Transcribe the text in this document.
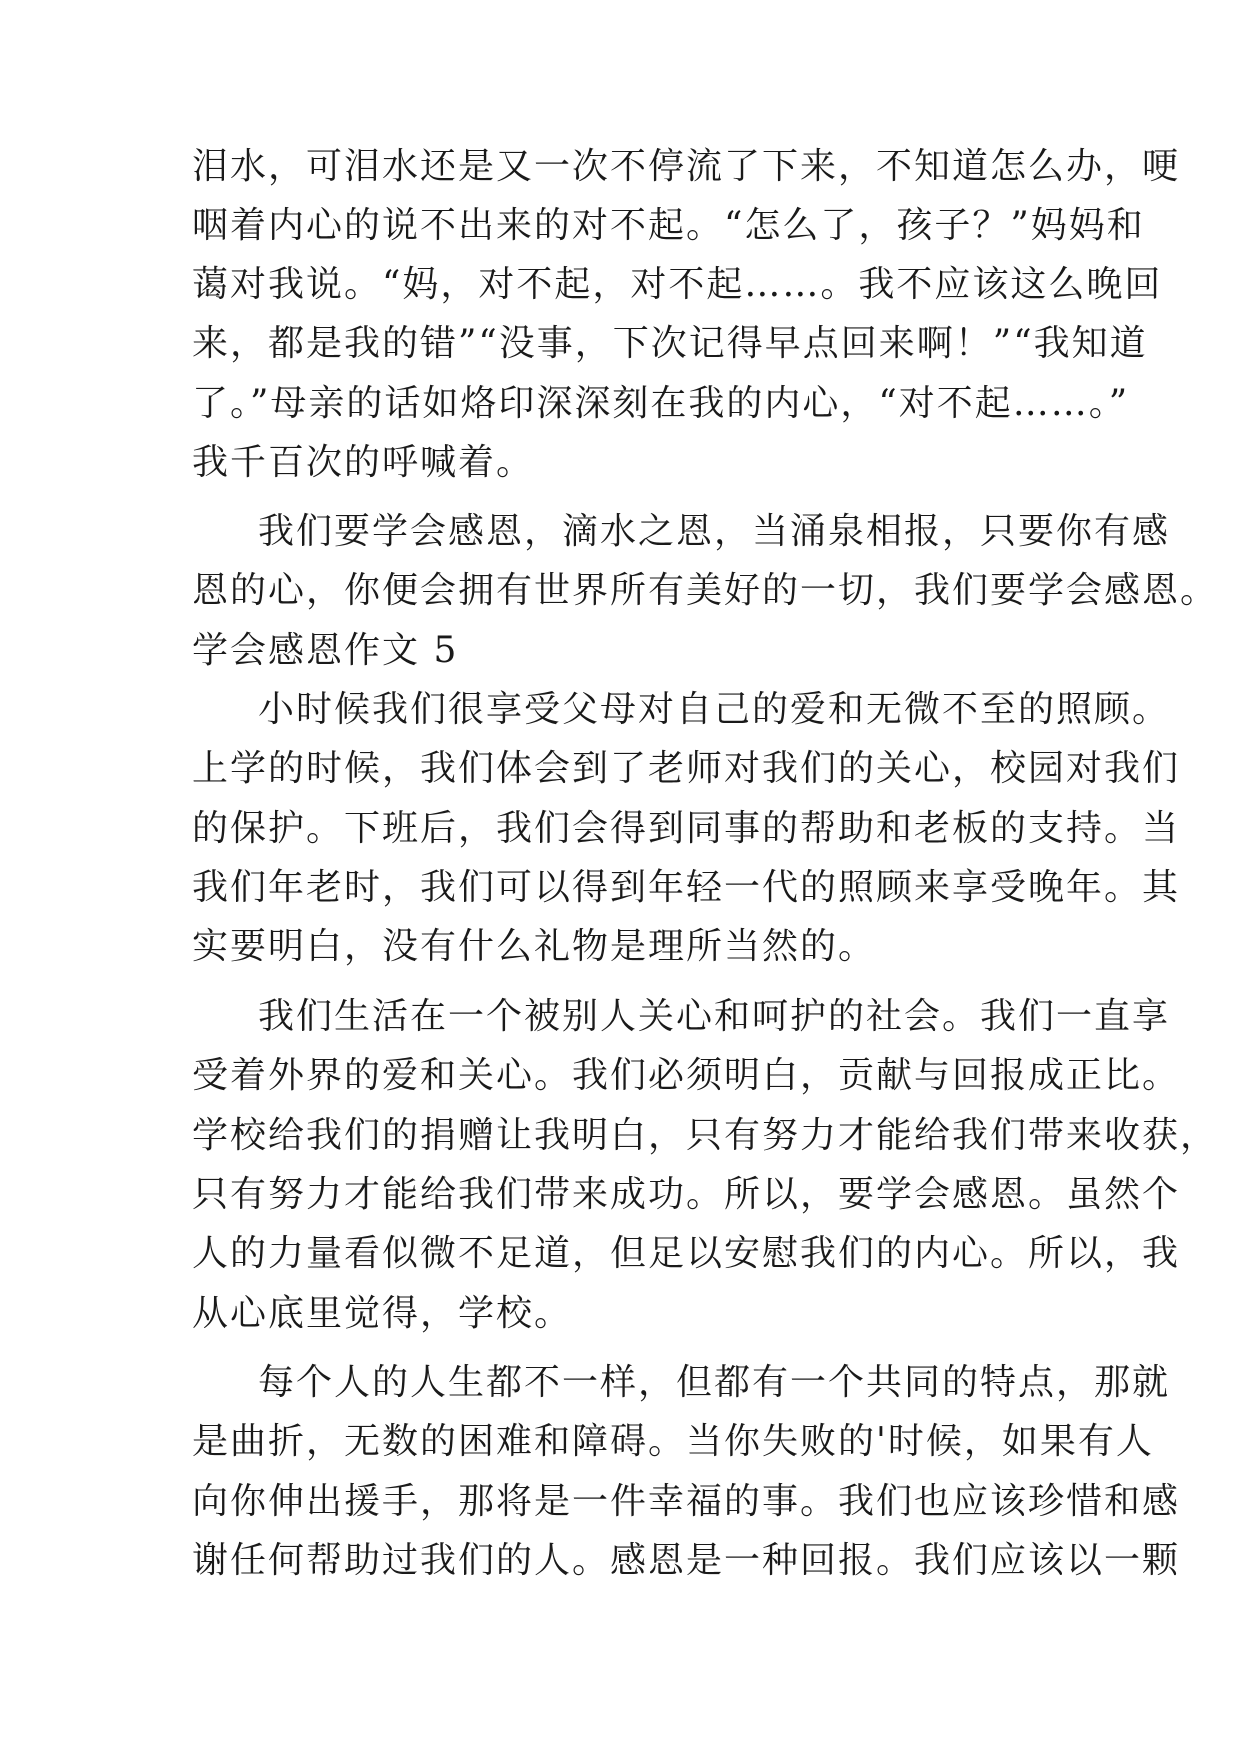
泪水，可泪水还是又一次不停流了下来，不知道怎么办，哽
咽着内心的说不出来的对不起。“怎么了，孩子？”妈妈和
蔼对我说。“妈，对不起，对不起……。我不应该这么晚回
来，都是我的错”“没事，下次记得早点回来啊！”“我知道
了。”母亲的话如烙印深深刻在我的内心，“对不起……。”
我千百次的呼喊着。
我们要学会感恩，滴水之恩，当涌泉相报，只要你有感
恩的心，你便会拥有世界所有美好的一切，我们要学会感恩。
学会感恩作文 5
小时候我们很享受父母对自己的爱和无微不至的照顾。
上学的时候，我们体会到了老师对我们的关心，校园对我们
的保护。下班后，我们会得到同事的帮助和老板的支持。当
我们年老时，我们可以得到年轻一代的照顾来享受晚年。其
实要明白，没有什么礼物是理所当然的。
我们生活在一个被别人关心和呵护的社会。我们一直享
受着外界的爱和关心。我们必须明白，贡献与回报成正比。
学校给我们的捐赠让我明白，只有努力才能给我们带来收获，
只有努力才能给我们带来成功。所以，要学会感恩。虽然个
人的力量看似微不足道，但足以安慰我们的内心。所以，我
从心底里觉得，学校。
每个人的人生都不一样，但都有一个共同的特点，那就
是曲折，无数的困难和障碍。当你失败的'时候，如果有人
向你伸出援手，那将是一件幸福的事。我们也应该珍惜和感
谢任何帮助过我们的人。感恩是一种回报。我们应该以一颗
